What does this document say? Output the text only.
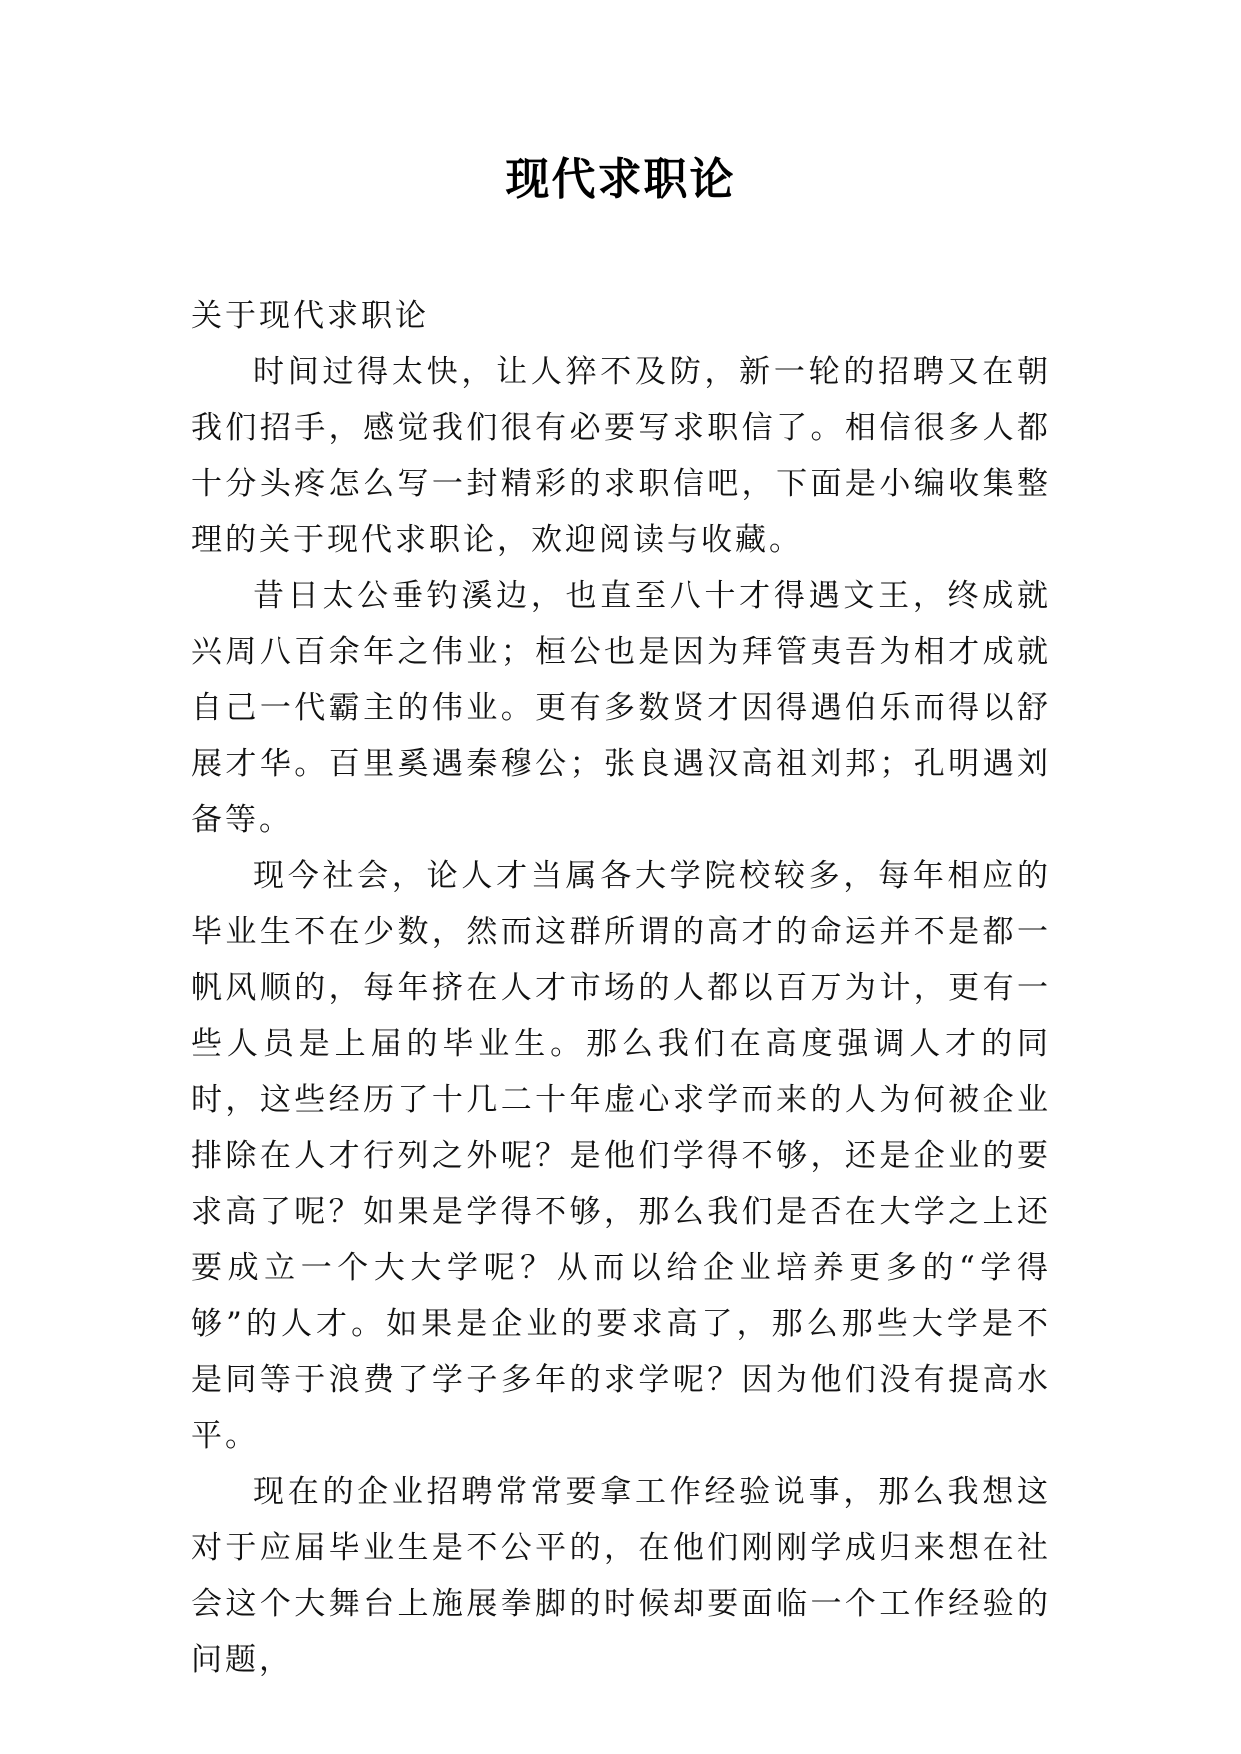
现代求职论

关于现代求职论

时间过得太快，让人猝不及防，新一轮的招聘又在朝我们招手，感觉我们很有必要写求职信了。相信很多人都十分头疼怎么写一封精彩的求职信吧，下面是小编收集整理的关于现代求职论，欢迎阅读与收藏。

昔日太公垂钓溪边，也直至八十才得遇文王，终成就兴周八百余年之伟业；桓公也是因为拜管夷吾为相才成就自己一代霸主的伟业。更有多数贤才因得遇伯乐而得以舒展才华。百里奚遇秦穆公；张良遇汉高祖刘邦；孔明遇刘备等。

现今社会，论人才当属各大学院校较多，每年相应的毕业生不在少数，然而这群所谓的高才的命运并不是都一帆风顺的，每年挤在人才市场的人都以百万为计，更有一些人员是上届的毕业生。那么我们在高度强调人才的同时，这些经历了十几二十年虚心求学而来的人为何被企业排除在人才行列之外呢？是他们学得不够，还是企业的要求高了呢？如果是学得不够，那么我们是否在大学之上还要成立一个大大学呢？从而以给企业培养更多的“学得够”的人才。如果是企业的要求高了，那么那些大学是不是同等于浪费了学子多年的求学呢？因为他们没有提高水平。

现在的企业招聘常常要拿工作经验说事，那么我想这对于应届毕业生是不公平的，在他们刚刚学成归来想在社会这个大舞台上施展拳脚的时候却要面临一个工作经验的问题，
